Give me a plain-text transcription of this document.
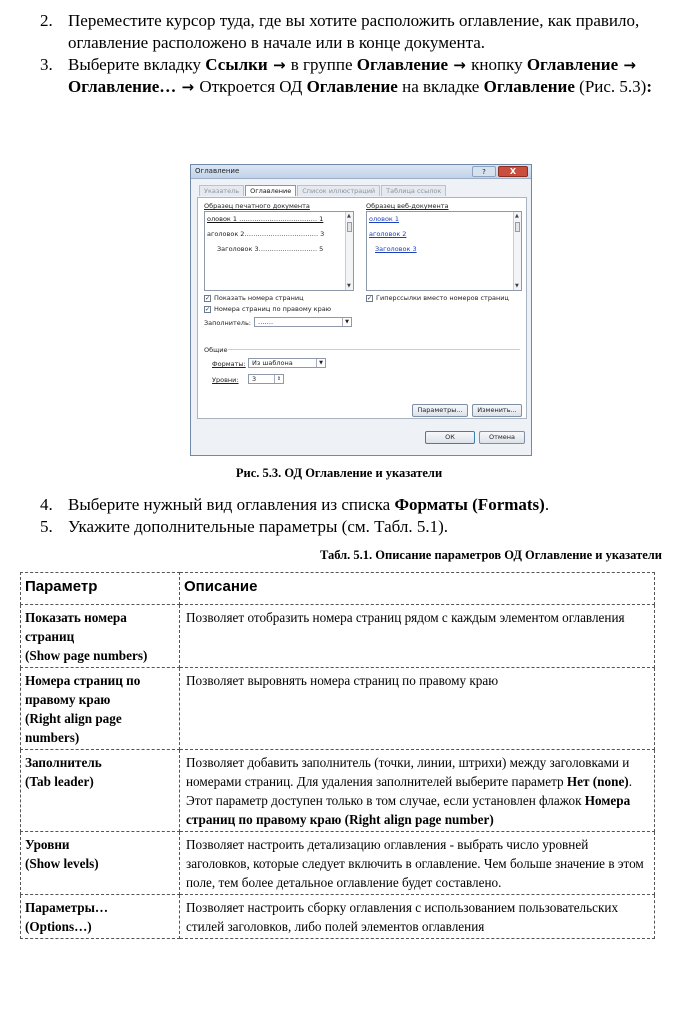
2. Переместите курсор туда, где вы хотите расположить оглавление, как правило, оглавление расположено в начале или в конце документа.
3. Выберите вкладку Ссылки → в группе Оглавление → кнопку Оглавление → Оглавление… → Откроется ОД Оглавление на вкладке Оглавление (Рис. 5.3):
Оглавление	?	X
Указатель	Оглавление	Список иллюстраций	Таблица ссылок
Образец печатного документа
оловок 1 ……………………………… 1
аголовок 2……………………………. 3
Заголовок 3……………………… 5
▲
▼
Образец веб-документа
оловок 1
аголовок 2
Заголовок 3
▲
▼
✓ Показать номера страниц
✓ Номера страниц по правому краю
✓ Гиперссылки вместо номеров страниц
Заполнитель:	…….	▼
Общие
Форматы: Из шаблона	▼
Уровни:	3	⇕
Параметры...	Изменить...
ОК	Отмена
Рис. 5.3. ОД Оглавление и указатели
4. Выберите нужный вид оглавления из списка Форматы (Formats).
5. Укажите дополнительные параметры (см. Табл. 5.1).
Табл. 5.1. Описание параметров ОД Оглавление и указатели
Параметр	Описание

Показать номера страниц
(Show page numbers)	Позволяет отобразить номера страниц рядом с каждым элементом оглавления

Номера страниц по правому краю
(Right align page numbers)	Позволяет выровнять номера страниц по правому краю

Заполнитель
(Tab leader)	Позволяет добавить заполнитель (точки, линии, штрихи) между заголовками и номерами страниц. Для удаления заполнителей выберите параметр Нет (none). Этот параметр доступен только в том случае, если установлен флажок Номера страниц по правому краю (Right align page number)

Уровни
(Show levels)	Позволяет настроить детализацию оглавления - выбрать число уровней заголовков, которые следует включить в оглавление. Чем больше значение в этом поле, тем более детальное оглавление будет составлено.

Параметры…
(Options…)	Позволяет настроить сборку оглавления с использованием пользовательских стилей заголовков, либо полей элементов оглавления
